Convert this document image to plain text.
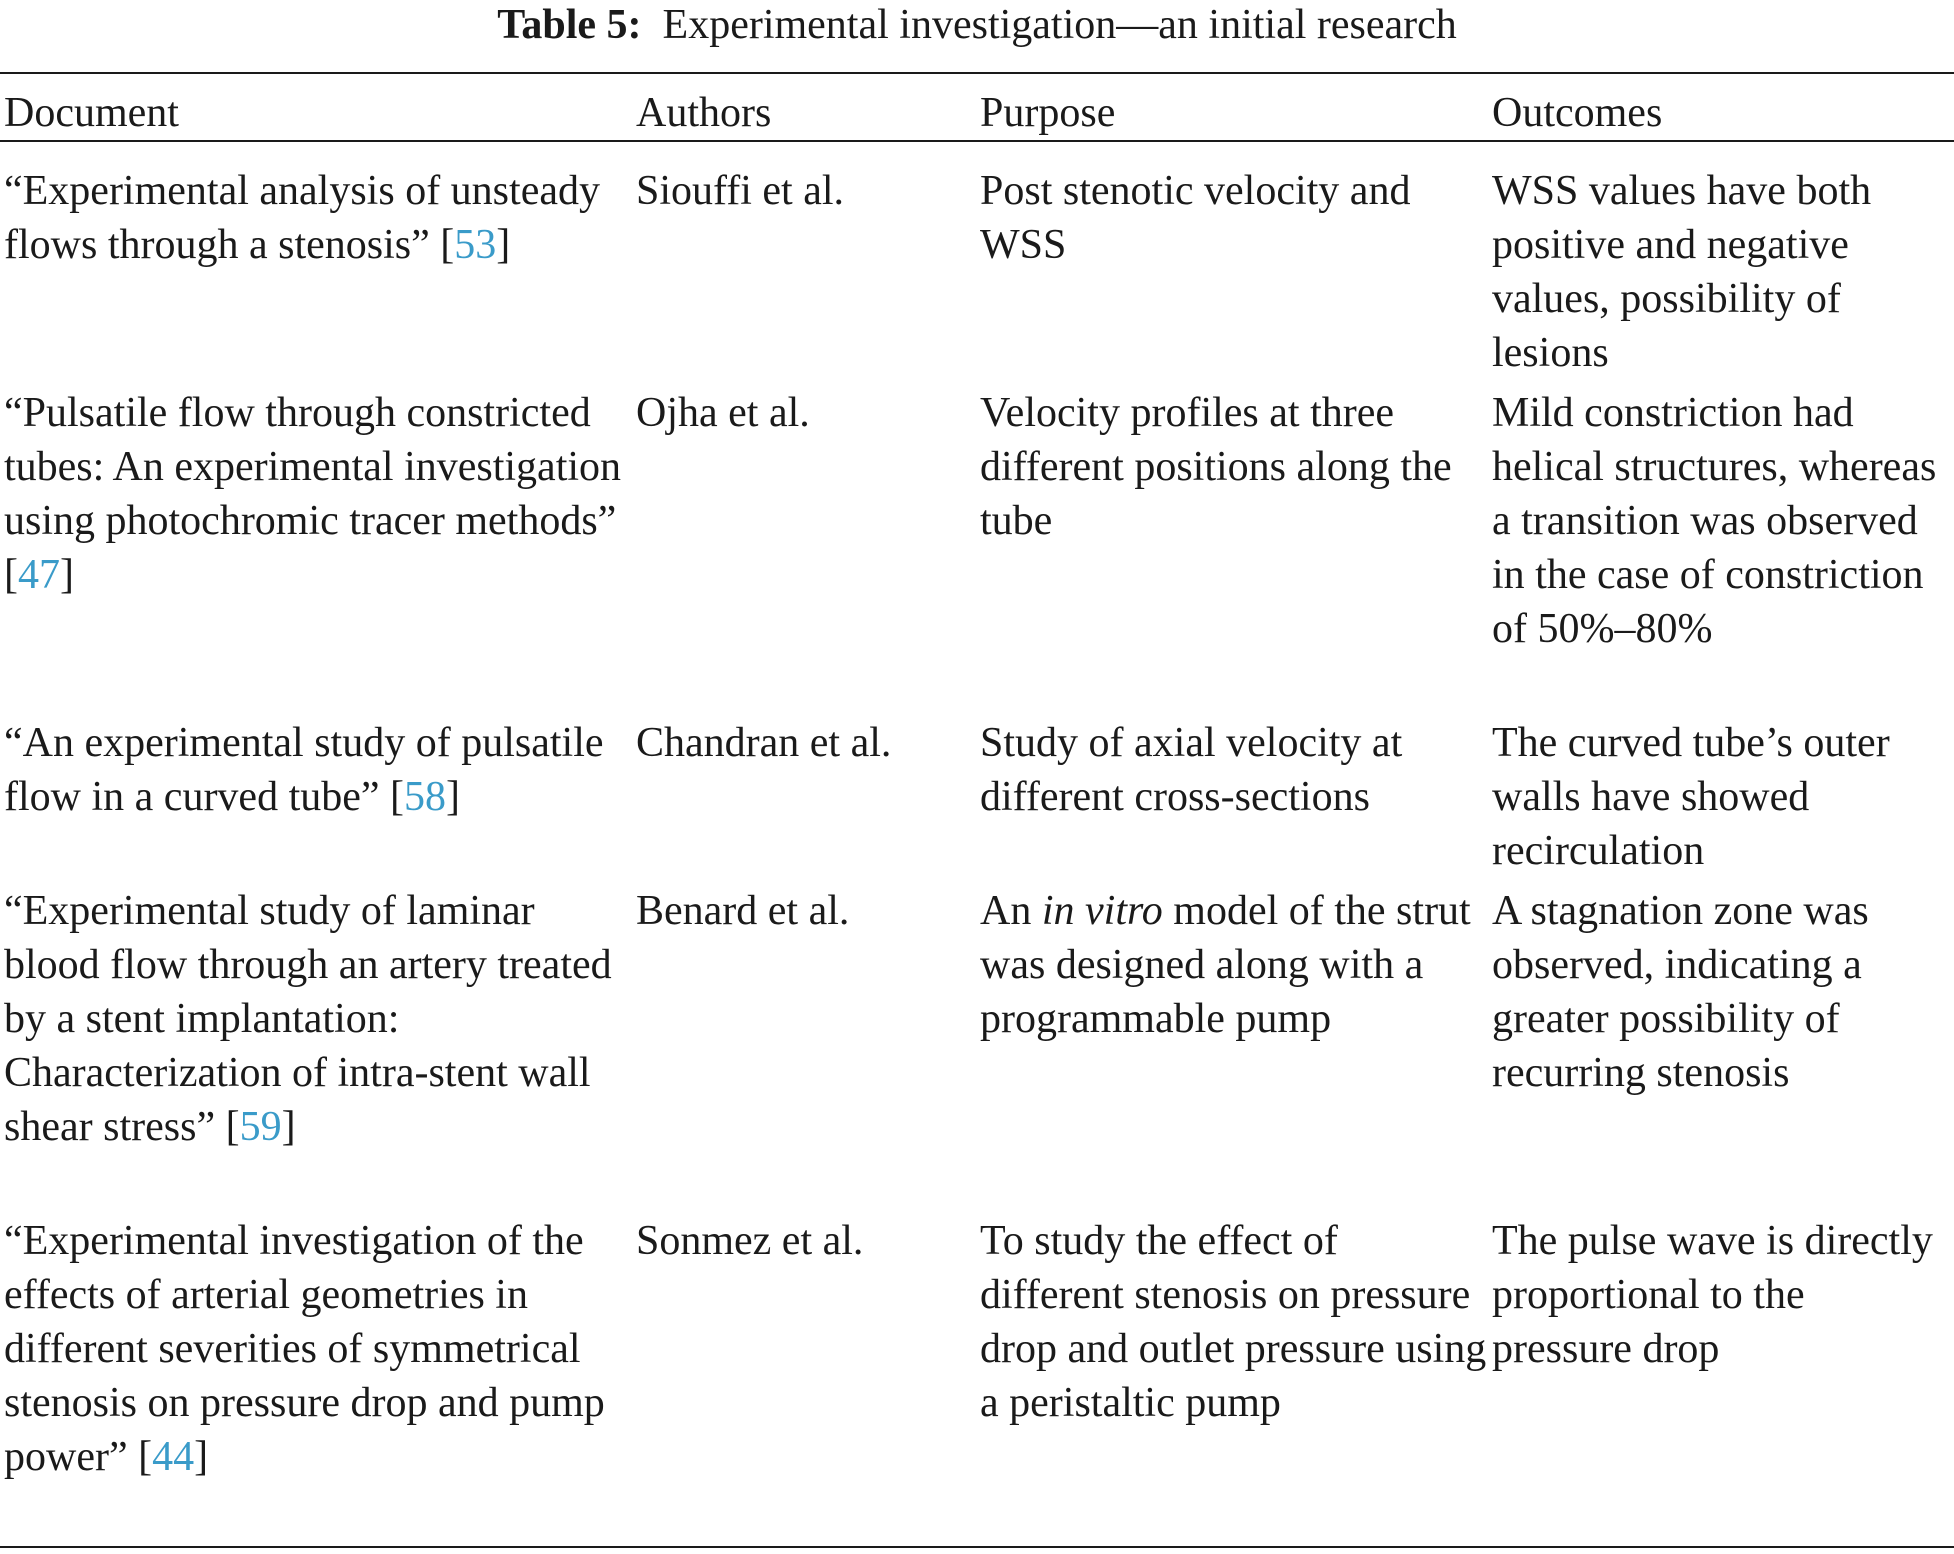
Table 5: Experimental investigation—an initial research
Document	Authors	Purpose	Outcomes
“Experimental analysis of unsteady flows through a stenosis” [53]	Siouffi et al.	Post stenotic velocity and WSS	WSS values have both positive and negative values, possibility of lesions
“Pulsatile flow through constricted tubes: An experimental investigation using photochromic tracer methods” [47]	Ojha et al.	Velocity profiles at three different positions along the tube	Mild constriction had helical structures, whereas a transition was observed in the case of constriction of 50%–80%
“An experimental study of pulsatile flow in a curved tube” [58]	Chandran et al.	Study of axial velocity at different cross-sections	The curved tube’s outer walls have showed recirculation
“Experimental study of laminar blood flow through an artery treated by a stent implantation: Characterization of intra-stent wall shear stress” [59]	Benard et al.	An in vitro model of the strut was designed along with a programmable pump	A stagnation zone was observed, indicating a greater possibility of recurring stenosis
“Experimental investigation of the effects of arterial geometries in different severities of symmetrical stenosis on pressure drop and pump power” [44]	Sonmez et al.	To study the effect of different stenosis on pressure drop and outlet pressure using a peristaltic pump	The pulse wave is directly proportional to the pressure drop
